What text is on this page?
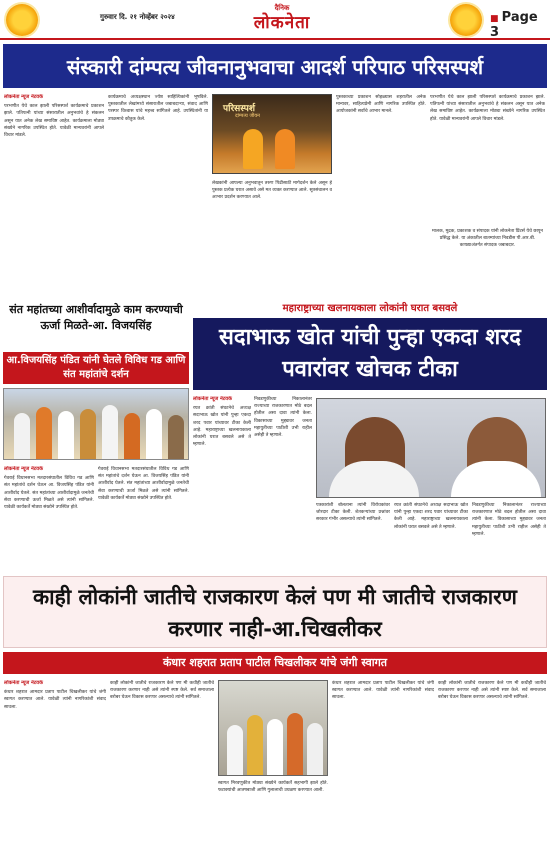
गुरुवार दि. २१ नोव्हेंबर २०२४
दैनिक
लोकनेता	■ Page 3
संस्कारी दांम्पत्य जीवनानुभवाचा आदर्श परिपाठ परिसस्पर्श
लोकनेता न्यूज नेटवर्क

परभणीत येथे काल झाली परिसस्पर्श कार्यक्रमाचे प्रकाशन झाले. पतिपत्नी यांच्या संसारातील अनुभवांचे हे संकलन असून यात अनेक लेख समाविष्ट आहेत. कार्यक्रमाला मोठ्या संख्येने नागरिक उपस्थित होते. यावेळी मान्यवरांनी आपले विचार मांडले.

कार्यक्रमाचे अध्यक्षस्थान ज्येष्ठ साहित्यिकांनी भूषविले. पुस्तकातील लेखांमध्ये संसारातील जबाबदाऱ्या, संवाद आणि परस्पर विश्वास यांचे महत्त्व सांगितले आहे. उपस्थितांनी या उपक्रमाचे कौतुक केले.

परिसस्पर्श
दांम्पत्य जीवन

लेखकांनी आपल्या अनुभवातून तरुण पिढीसाठी मार्गदर्शन केले असून हे पुस्तक प्रत्येक घरात असावे असे मत व्यक्त करण्यात आले. सूत्रसंचालन व आभार प्रदर्शन करण्यात आले.

पुस्तकाच्या प्रकाशन सोहळ्यास शहरातील अनेक मान्यवर, साहित्यप्रेमी आणि नागरिक उपस्थित होते. आयोजकांनी सर्वांचे आभार मानले.

परभणीत येथे काल झाली परिसस्पर्श कार्यक्रमाचे प्रकाशन झाले. पतिपत्नी यांच्या संसारातील अनुभवांचे हे संकलन असून यात अनेक लेख समाविष्ट आहेत. कार्यक्रमाला मोठ्या संख्येने नागरिक उपस्थित होते. यावेळी मान्यवरांनी आपले विचार मांडले.

मालक, मुद्रक, प्रकाशक व संपादक यांनी लोकनेता प्रिंटर्स येथे छापून प्रसिद्ध केले. या अंकातील बातम्यांच्या निवडीस पी.आर.बी. कायद्याअंतर्गत संपादक जबाबदार.
संत महांतच्या आशीर्वादामुळे काम करण्याची ऊर्जा मिळते-आ. विजयसिंह
आ.विजयसिंह पंडित यांनी घेतले विविध गड आणि संत महांतांचे दर्शन
लोकनेता न्यूज नेटवर्क

गेवराई विधानसभा मतदारसंघातील विविध गड आणि संत महांतांचे दर्शन घेऊन आ. विजयसिंह पंडित यांनी आशीर्वाद घेतले. संत महांतांच्या आशीर्वादामुळे जनतेची सेवा करण्याची ऊर्जा मिळते असे त्यांनी सांगितले. यावेळी कार्यकर्ते मोठ्या संख्येने उपस्थित होते.

गेवराई विधानसभा मतदारसंघातील विविध गड आणि संत महांतांचे दर्शन घेऊन आ. विजयसिंह पंडित यांनी आशीर्वाद घेतले. संत महांतांच्या आशीर्वादामुळे जनतेची सेवा करण्याची ऊर्जा मिळते असे त्यांनी सांगितले. यावेळी कार्यकर्ते मोठ्या संख्येने उपस्थित होते.

महाराष्ट्राच्या खलनायकाला लोकांनी घरात बसवले
सदाभाऊ खोत यांची पुन्हा एकदा शरद पवारांवर खोचक टीका
लोकनेता न्यूज नेटवर्क

रयत क्रांती संघटनेचे अध्यक्ष सदाभाऊ खोत यांनी पुन्हा एकदा शरद पवार यांच्यावर टीका केली आहे. महाराष्ट्राच्या खलनायकाला लोकांनी घरात बसवले असे ते म्हणाले.

निवडणुकीच्या निकालानंतर राज्याच्या राजकारणात मोठे बदल होतील असा दावा त्यांनी केला. विकासाच्या मुद्द्यावर जनता महायुतीच्या पाठीशी उभी राहील असेही ते म्हणाले.

पत्रकारांशी बोलताना त्यांनी विरोधकांवर जोरदार टीका केली. शेतकऱ्यांच्या प्रश्नांवर सरकार गंभीर असल्याचे त्यांनी सांगितले.

रयत क्रांती संघटनेचे अध्यक्ष सदाभाऊ खोत यांनी पुन्हा एकदा शरद पवार यांच्यावर टीका केली आहे. महाराष्ट्राच्या खलनायकाला लोकांनी घरात बसवले असे ते म्हणाले.

निवडणुकीच्या निकालानंतर राज्याच्या राजकारणात मोठे बदल होतील असा दावा त्यांनी केला. विकासाच्या मुद्द्यावर जनता महायुतीच्या पाठीशी उभी राहील असेही ते म्हणाले.

काही लोकांनी जातीचे राजकारण केलं पण मी जातीचे राजकारण करणार नाही-आ.चिखलीकर
कंधार शहरात प्रताप पाटील चिखलीकर यांचे जंगी स्वागत
लोकनेता न्यूज नेटवर्क

कंधार शहरात आमदार प्रताप पाटील चिखलीकर यांचे जंगी स्वागत करण्यात आले. यावेळी त्यांनी नागरिकांशी संवाद साधला.

काही लोकांनी जातीचे राजकारण केले पण मी कधीही जातीचे राजकारण करणार नाही असे त्यांनी स्पष्ट केले. सर्व समाजाला बरोबर घेऊन विकास करणार असल्याचे त्यांनी सांगितले.

स्वागत मिरवणुकीत मोठ्या संख्येने कार्यकर्ते सहभागी झाले होते. फटाक्यांची आतषबाजी आणि गुलालाची उधळण करण्यात आली.

कंधार शहरात आमदार प्रताप पाटील चिखलीकर यांचे जंगी स्वागत करण्यात आले. यावेळी त्यांनी नागरिकांशी संवाद साधला.

काही लोकांनी जातीचे राजकारण केले पण मी कधीही जातीचे राजकारण करणार नाही असे त्यांनी स्पष्ट केले. सर्व समाजाला बरोबर घेऊन विकास करणार असल्याचे त्यांनी सांगितले.
